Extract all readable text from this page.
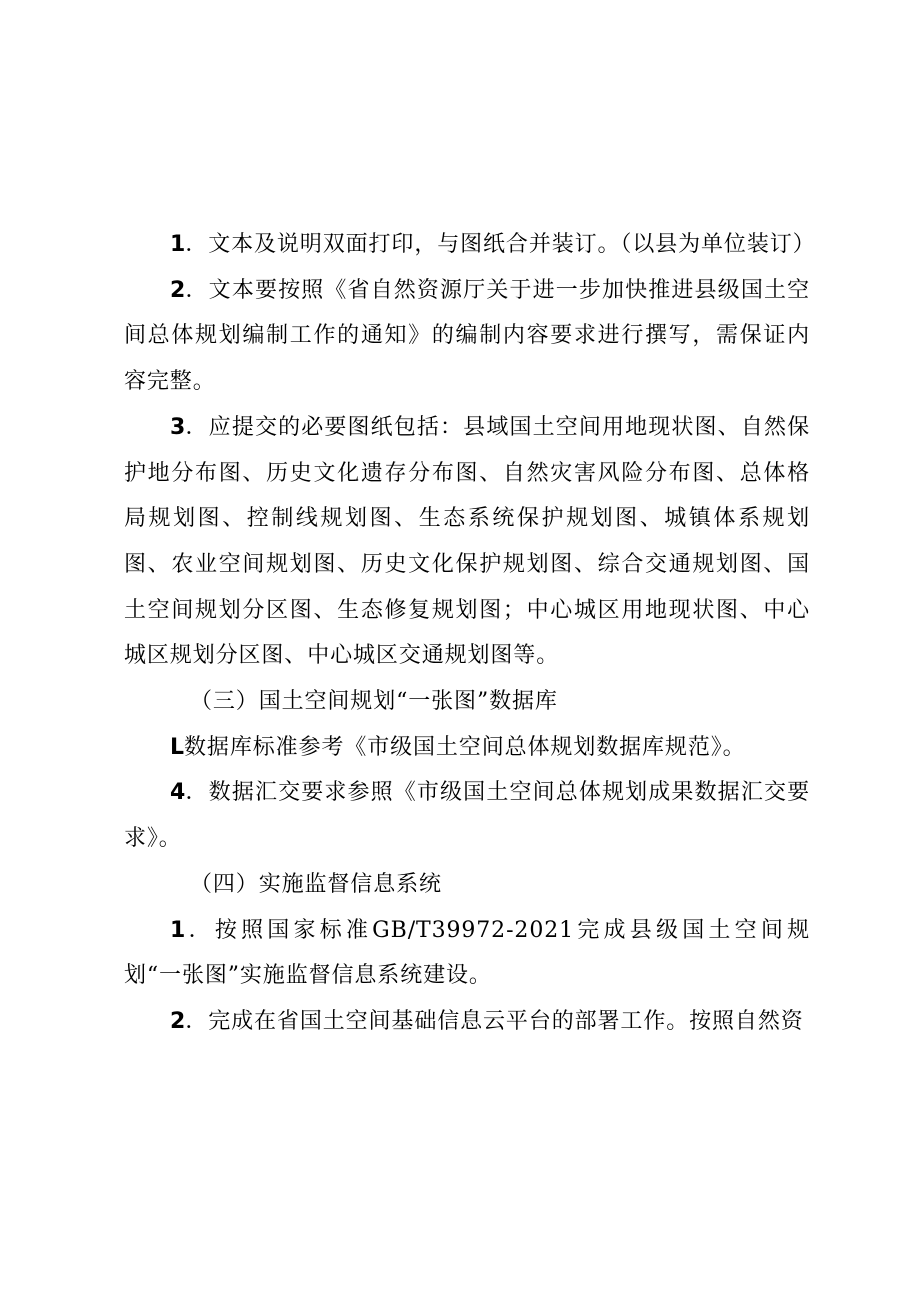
1．文本及说明双面打印，与图纸合并装订。（以县为单位装订）

2．文本要按照《省自然资源厅关于进一步加快推进县级国土空间总体规划编制工作的通知》的编制内容要求进行撰写，需保证内容完整。

3．应提交的必要图纸包括：县域国土空间用地现状图、自然保护地分布图、历史文化遗存分布图、自然灾害风险分布图、总体格局规划图、控制线规划图、生态系统保护规划图、城镇体系规划图、农业空间规划图、历史文化保护规划图、综合交通规划图、国土空间规划分区图、生态修复规划图；中心城区用地现状图、中心城区规划分区图、中心城区交通规划图等。

（三）国土空间规划“一张图”数据库

L数据库标准参考《市级国土空间总体规划数据库规范》。

4．数据汇交要求参照《市级国土空间总体规划成果数据汇交要求》。

（四）实施监督信息系统

1．按照国家标准GB/T39972-2021完成县级国土空间规划“一张图”实施监督信息系统建设。

2．完成在省国土空间基础信息云平台的部署工作。按照自然资
